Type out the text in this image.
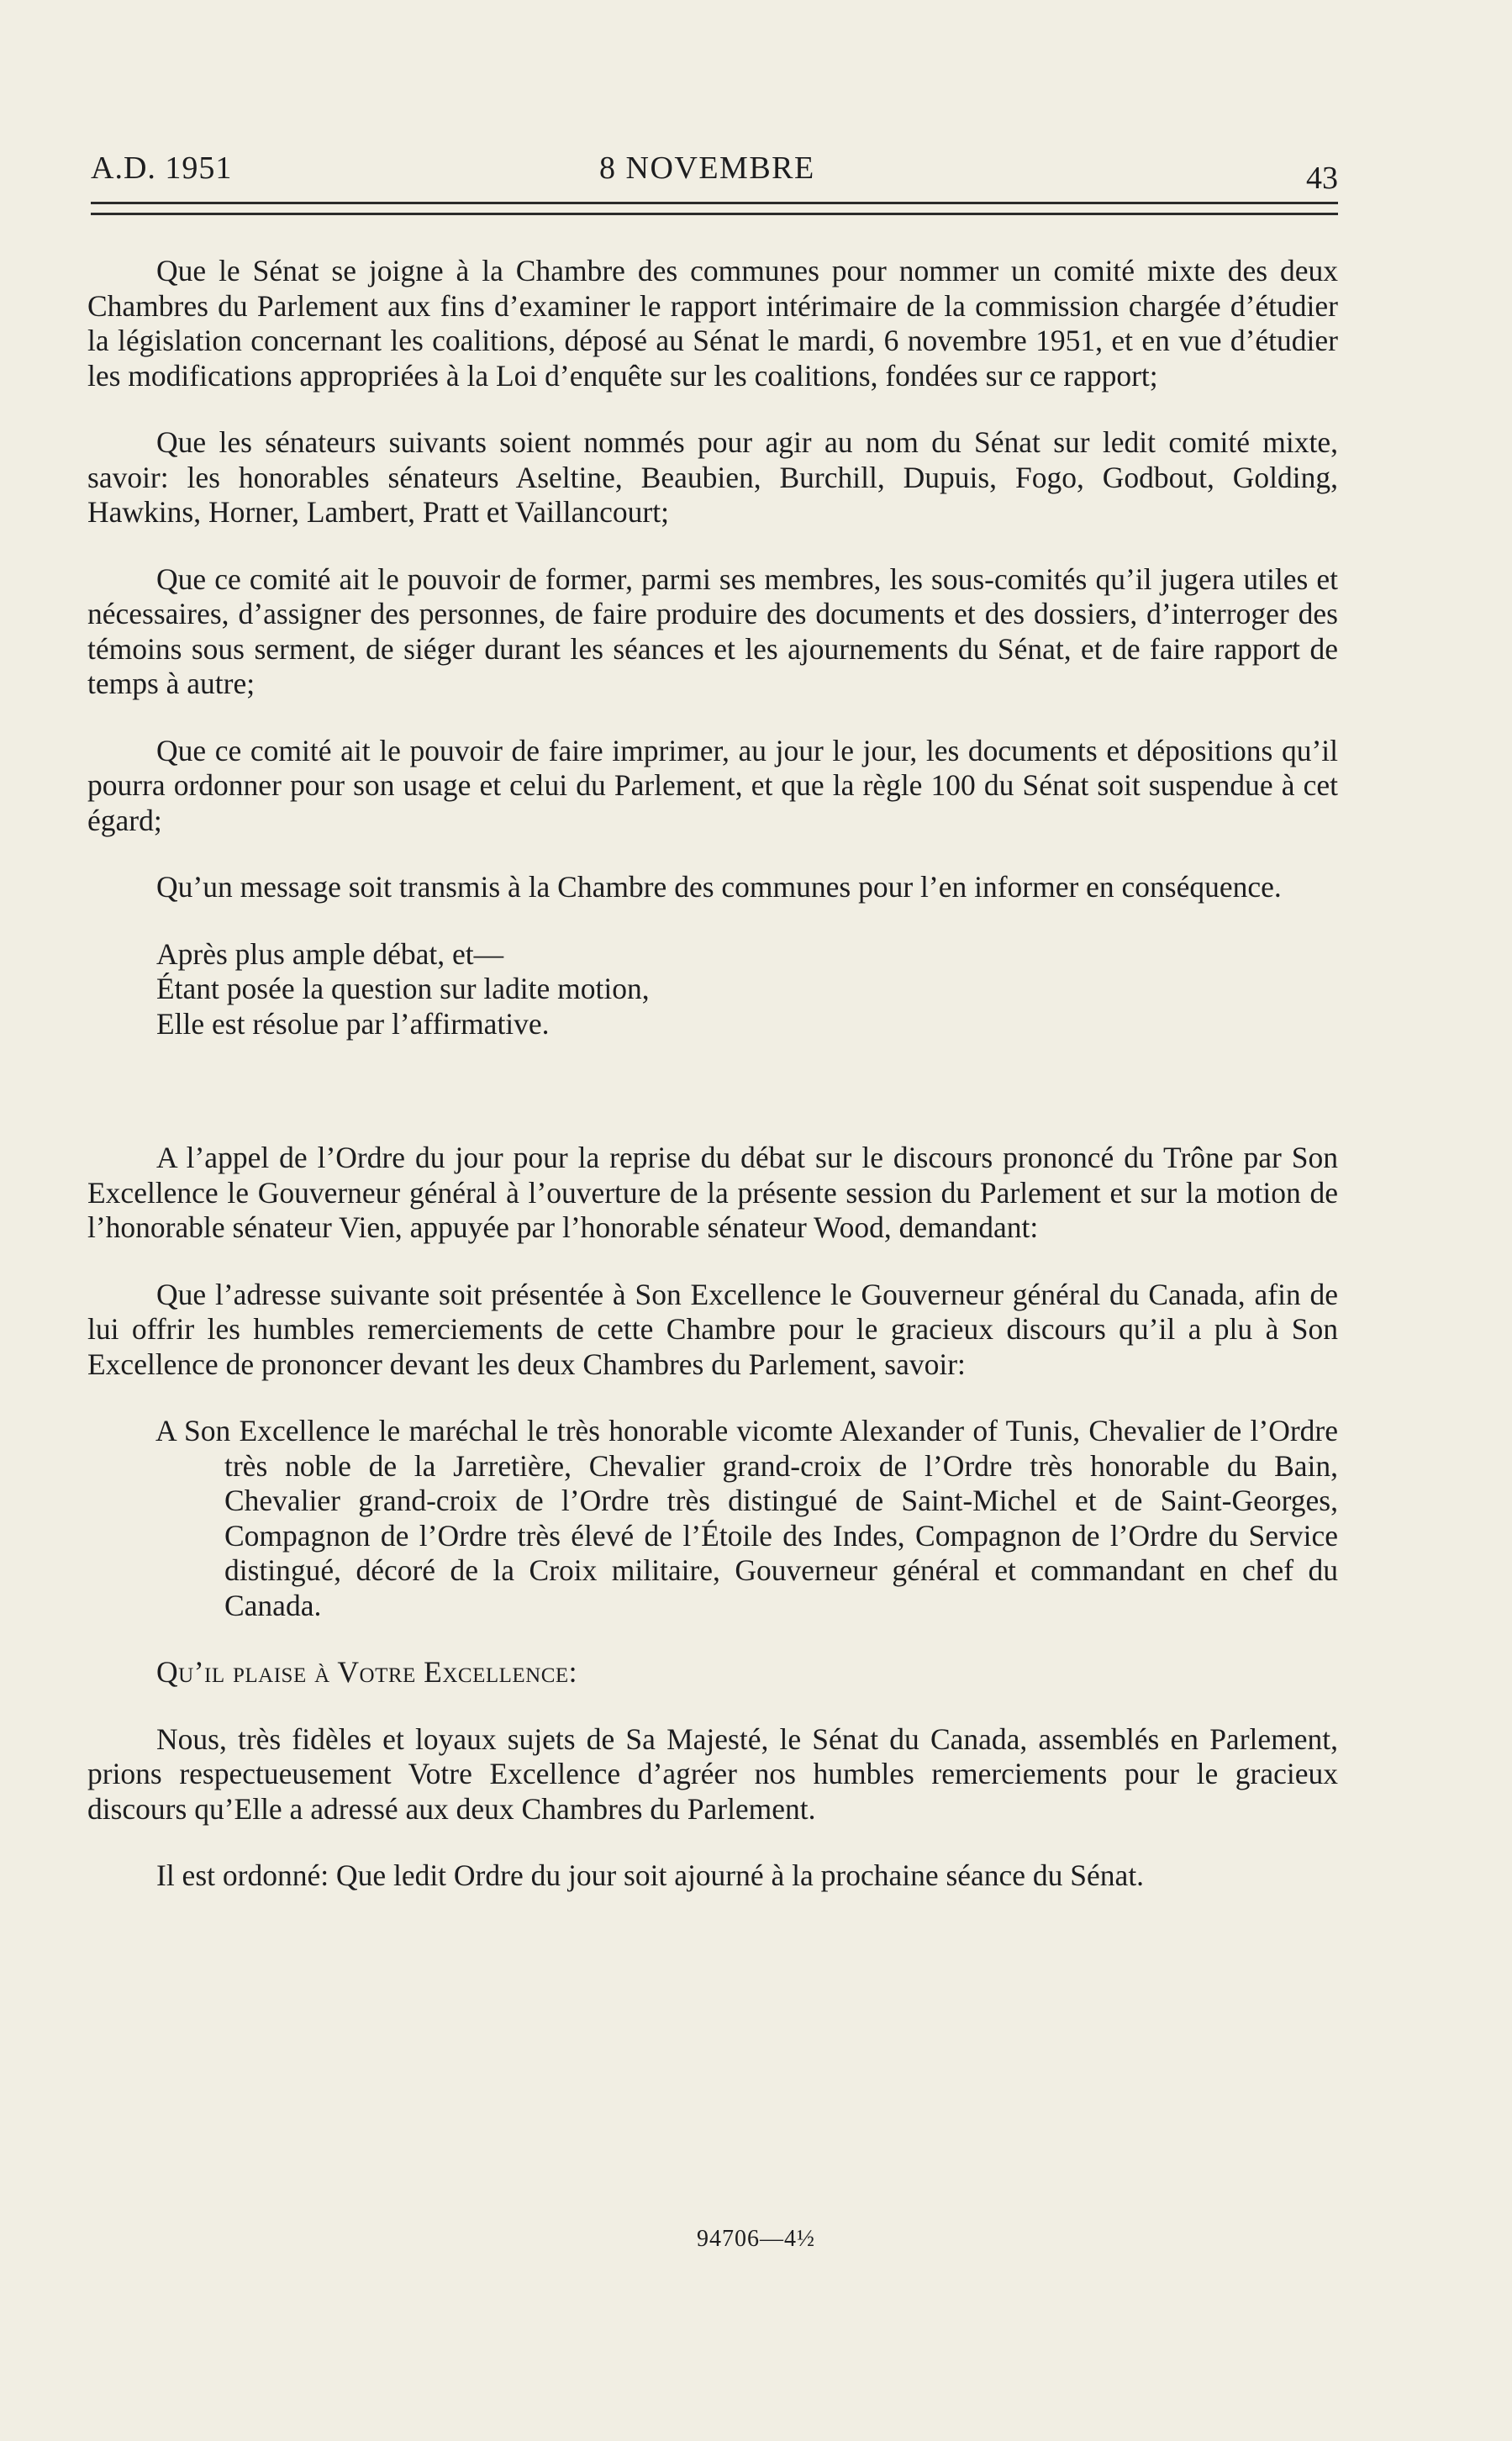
A.D. 1951	8 NOVEMBRE	43

Que le Sénat se joigne à la Chambre des communes pour nommer un comité mixte des deux Chambres du Parlement aux fins d’examiner le rapport intérimaire de la commission chargée d’étudier la législation concernant les coalitions, déposé au Sénat le mardi, 6 novembre 1951, et en vue d’étudier les modifications appropriées à la Loi d’enquête sur les coalitions, fondées sur ce rapport;

Que les sénateurs suivants soient nommés pour agir au nom du Sénat sur ledit comité mixte, savoir: les honorables sénateurs Aseltine, Beaubien, Burchill, Dupuis, Fogo, Godbout, Golding, Hawkins, Horner, Lambert, Pratt et Vaillancourt;

Que ce comité ait le pouvoir de former, parmi ses membres, les sous-comités qu’il jugera utiles et nécessaires, d’assigner des personnes, de faire produire des documents et des dossiers, d’interroger des témoins sous serment, de siéger durant les séances et les ajournements du Sénat, et de faire rapport de temps à autre;

Que ce comité ait le pouvoir de faire imprimer, au jour le jour, les documents et dépositions qu’il pourra ordonner pour son usage et celui du Parlement, et que la règle 100 du Sénat soit suspendue à cet égard;

Qu’un message soit transmis à la Chambre des communes pour l’en informer en conséquence.

Après plus ample débat, et—
Étant posée la question sur ladite motion,
Elle est résolue par l’affirmative.

A l’appel de l’Ordre du jour pour la reprise du débat sur le discours prononcé du Trône par Son Excellence le Gouverneur général à l’ouverture de la présente session du Parlement et sur la motion de l’honorable sénateur Vien, appuyée par l’honorable sénateur Wood, demandant:

Que l’adresse suivante soit présentée à Son Excellence le Gouverneur général du Canada, afin de lui offrir les humbles remerciements de cette Chambre pour le gracieux discours qu’il a plu à Son Excellence de prononcer devant les deux Chambres du Parlement, savoir:

A Son Excellence le maréchal le très honorable vicomte Alexander of Tunis, Chevalier de l’Ordre très noble de la Jarretière, Chevalier grand-croix de l’Ordre très honorable du Bain, Chevalier grand-croix de l’Ordre très distingué de Saint-Michel et de Saint-Georges, Compagnon de l’Ordre très élevé de l’Étoile des Indes, Compagnon de l’Ordre du Service distingué, décoré de la Croix militaire, Gouverneur général et commandant en chef du Canada.

Qu’il plaise à Votre Excellence:

Nous, très fidèles et loyaux sujets de Sa Majesté, le Sénat du Canada, assemblés en Parlement, prions respectueusement Votre Excellence d’agréer nos humbles remerciements pour le gracieux discours qu’Elle a adressé aux deux Chambres du Parlement.

Il est ordonné: Que ledit Ordre du jour soit ajourné à la prochaine séance du Sénat.

94706—4½
